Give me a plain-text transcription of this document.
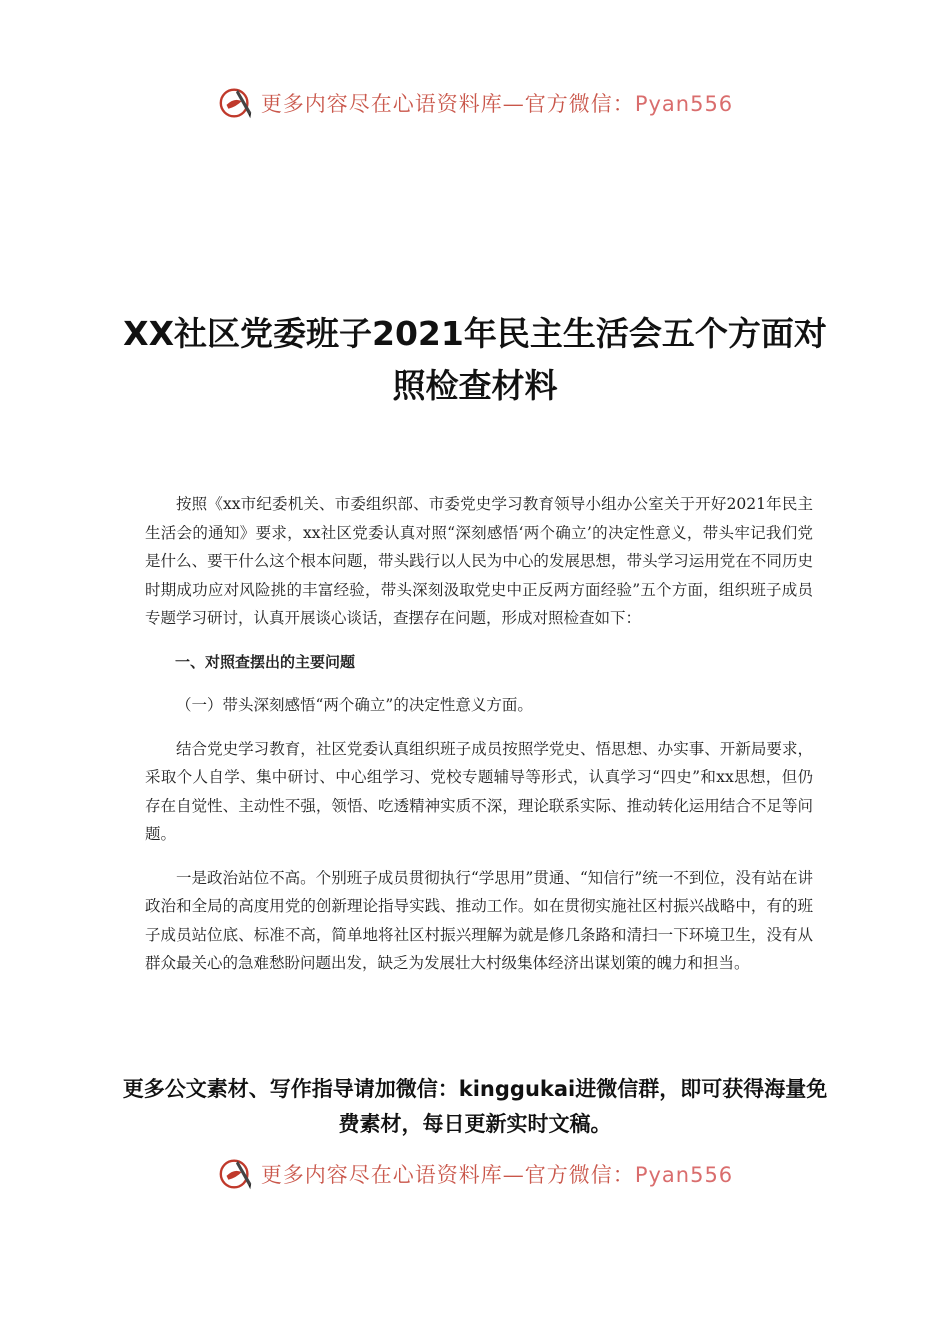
更多内容尽在心语资料库—官方微信：Pyan556
XX社区党委班子2021年民主生活会五个方面对照检查材料

按照《xx市纪委机关、市委组织部、市委党史学习教育领导小组办公室关于开好2021年民主生活会的通知》要求，xx社区党委认真对照“深刻感悟‘两个确立’的决定性意义，带头牢记我们党是什么、要干什么这个根本问题，带头践行以人民为中心的发展思想，带头学习运用党在不同历史时期成功应对风险挑的丰富经验，带头深刻汲取党史中正反两方面经验”五个方面，组织班子成员专题学习研讨，认真开展谈心谈话，查摆存在问题，形成对照检查如下：

一、对照查摆出的主要问题

（一）带头深刻感悟“两个确立”的决定性意义方面。

结合党史学习教育，社区党委认真组织班子成员按照学党史、悟思想、办实事、开新局要求，采取个人自学、集中研讨、中心组学习、党校专题辅导等形式，认真学习“四史”和xx思想，但仍存在自觉性、主动性不强，领悟、吃透精神实质不深，理论联系实际、推动转化运用结合不足等问题。

一是政治站位不高。个别班子成员贯彻执行“学思用”贯通、“知信行”统一不到位，没有站在讲政治和全局的高度用党的创新理论指导实践、推动工作。如在贯彻实施社区村振兴战略中，有的班子成员站位底、标准不高，简单地将社区村振兴理解为就是修几条路和清扫一下环境卫生，没有从群众最关心的急难愁盼问题出发，缺乏为发展壮大村级集体经济出谋划策的魄力和担当。

更多公文素材、写作指导请加微信：kinggukai进微信群，即可获得海量免费素材，每日更新实时文稿。
更多内容尽在心语资料库—官方微信：Pyan556
